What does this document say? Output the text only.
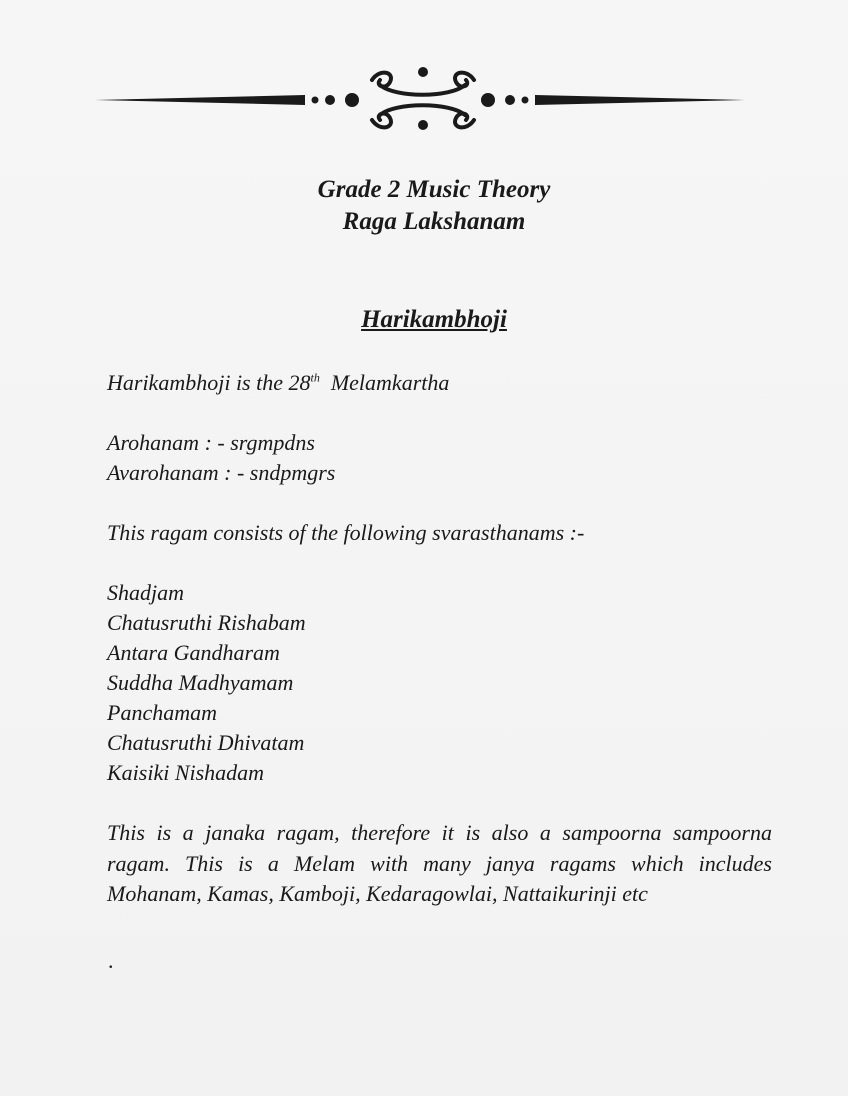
Grade 2 Music Theory
Raga Lakshanam
Harikambhoji
Harikambhoji is the 28th Melamkartha
Arohanam : - srgmpdns
Avarohanam : - sndpmgrs
This ragam consists of the following svarasthanams :-
Shadjam
Chatusruthi Rishabam
Antara Gandharam
Suddha Madhyamam
Panchamam
Chatusruthi Dhivatam
Kaisiki Nishadam
This is a janaka ragam, therefore it is also a sampoorna sampoorna ragam. This is a Melam with many janya ragams which includes Mohanam, Kamas, Kamboji, Kedaragowlai, Nattaikurinji etc
.
